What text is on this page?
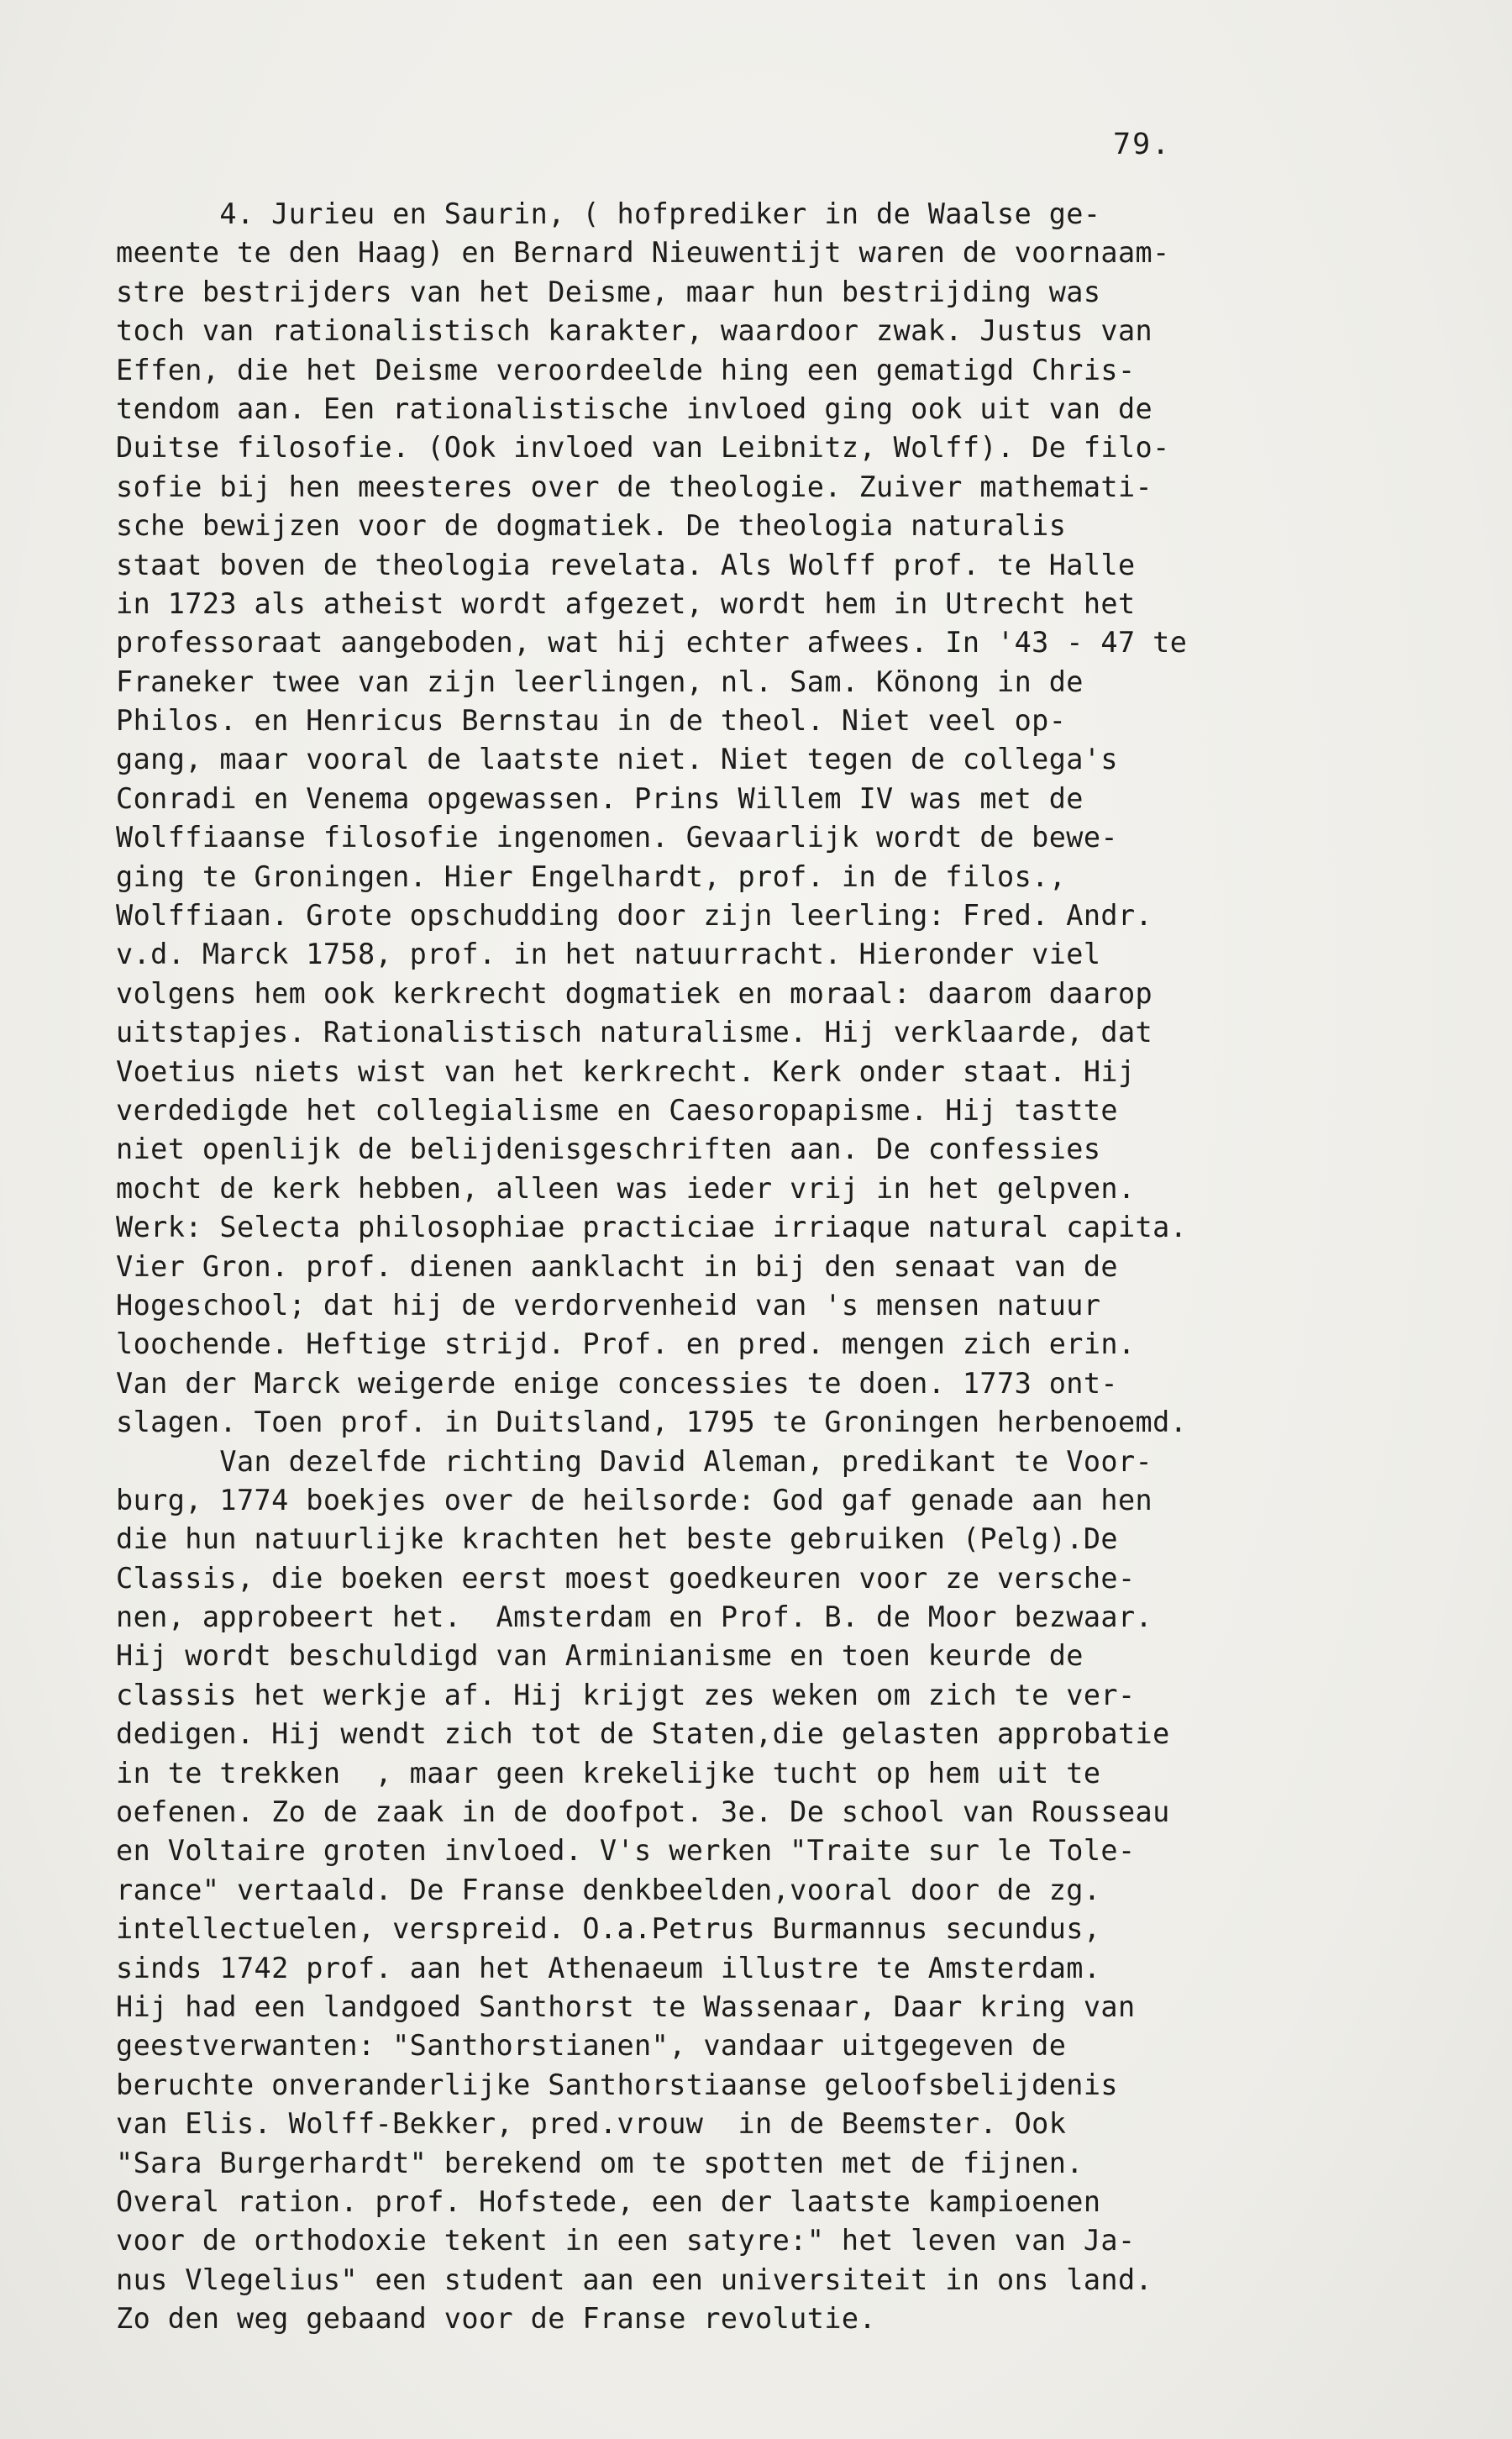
79.

4. Jurieu en Saurin, ( hofprediker in de Waalse ge-
meente te den Haag) en Bernard Nieuwentijt waren de voornaam-
stre bestrijders van het Deisme, maar hun bestrijding was
toch van rationalistisch karakter, waardoor zwak. Justus van
Effen, die het Deisme veroordeelde hing een gematigd Chris-
tendom aan. Een rationalistische invloed ging ook uit van de
Duitse filosofie. (Ook invloed van Leibnitz, Wolff). De filo-
sofie bij hen meesteres over de theologie. Zuiver mathemati-
sche bewijzen voor de dogmatiek. De theologia naturalis
staat boven de theologia revelata. Als Wolff prof. te Halle
in 1723 als atheist wordt afgezet, wordt hem in Utrecht het
professoraat aangeboden, wat hij echter afwees. In '43 - 47 te
Franeker twee van zijn leerlingen, nl. Sam. Könong in de
Philos. en Henricus Bernstau in de theol. Niet veel op-
gang, maar vooral de laatste niet. Niet tegen de collega's
Conradi en Venema opgewassen. Prins Willem IV was met de
Wolffiaanse filosofie ingenomen. Gevaarlijk wordt de bewe-
ging te Groningen. Hier Engelhardt, prof. in de filos.,
Wolffiaan. Grote opschudding door zijn leerling: Fred. Andr.
v.d. Marck 1758, prof. in het natuurracht. Hieronder viel
volgens hem ook kerkrecht dogmatiek en moraal: daarom daarop
uitstapjes. Rationalistisch naturalisme. Hij verklaarde, dat
Voetius niets wist van het kerkrecht. Kerk onder staat. Hij
verdedigde het collegialisme en Caesoropapisme. Hij tastte
niet openlijk de belijdenisgeschriften aan. De confessies
mocht de kerk hebben, alleen was ieder vrij in het gelpven.
Werk: Selecta philosophiae practiciae irriaque natural capita.
Vier Gron. prof. dienen aanklacht in bij den senaat van de
Hogeschool; dat hij de verdorvenheid van 's mensen natuur
loochende. Heftige strijd. Prof. en pred. mengen zich erin.
Van der Marck weigerde enige concessies te doen. 1773 ont-
slagen. Toen prof. in Duitsland, 1795 te Groningen herbenoemd.
Van dezelfde richting David Aleman, predikant te Voor-
burg, 1774 boekjes over de heilsorde: God gaf genade aan hen
die hun natuurlijke krachten het beste gebruiken (Pelg).De
Classis, die boeken eerst moest goedkeuren voor ze versche-
nen, approbeert het.  Amsterdam en Prof. B. de Moor bezwaar.
Hij wordt beschuldigd van Arminianisme en toen keurde de
classis het werkje af. Hij krijgt zes weken om zich te ver-
dedigen. Hij wendt zich tot de Staten,die gelasten approbatie
in te trekken  , maar geen krekelijke tucht op hem uit te
oefenen. Zo de zaak in de doofpot. 3e. De school van Rousseau
en Voltaire groten invloed. V's werken "Traite sur le Tole-
rance" vertaald. De Franse denkbeelden,vooral door de zg.
intellectuelen, verspreid. O.a.Petrus Burmannus secundus,
sinds 1742 prof. aan het Athenaeum illustre te Amsterdam.
Hij had een landgoed Santhorst te Wassenaar, Daar kring van
geestverwanten: "Santhorstianen", vandaar uitgegeven de
beruchte onveranderlijke Santhorstiaanse geloofsbelijdenis
van Elis. Wolff-Bekker, pred.vrouw  in de Beemster. Ook
"Sara Burgerhardt" berekend om te spotten met de fijnen.
Overal ration. prof. Hofstede, een der laatste kampioenen
voor de orthodoxie tekent in een satyre:" het leven van Ja-
nus Vlegelius" een student aan een universiteit in ons land.
Zo den weg gebaand voor de Franse revolutie.
